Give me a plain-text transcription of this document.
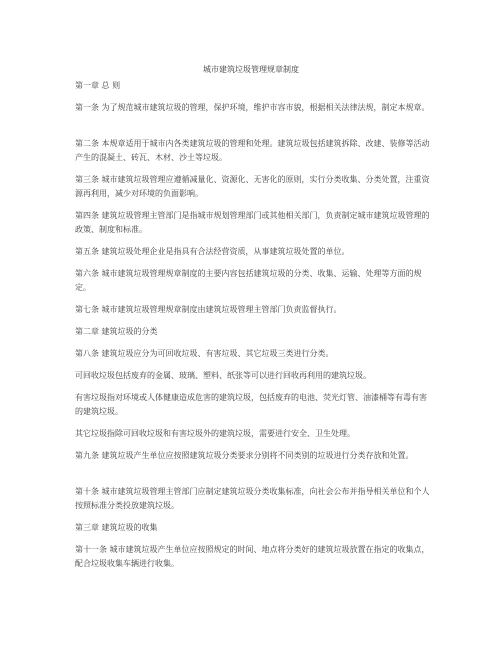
城市建筑垃圾管理规章制度

第一章 总 则

第一条 为了规范城市建筑垃圾的管理，保护环境，维护市容市貌，根据相关法律法规，制定本规章。

第二条 本规章适用于城市内各类建筑垃圾的管理和处理。建筑垃圾包括建筑拆除、改建、装修等活动产生的混凝土、砖瓦、木材、沙土等垃圾。

第三条 城市建筑垃圾管理应遵循减量化、资源化、无害化的原则，实行分类收集、分类处置，注重资源再利用，减少对环境的负面影响。

第四条 建筑垃圾管理主管部门是指城市规划管理部门或其他相关部门，负责制定城市建筑垃圾管理的政策、制度和标准。

第五条 建筑垃圾处理企业是指具有合法经营资质，从事建筑垃圾处置的单位。

第六条 城市建筑垃圾管理规章制度的主要内容包括建筑垃圾的分类、收集、运输、处理等方面的规定。

第七条 城市建筑垃圾管理规章制度由建筑垃圾管理主管部门负责监督执行。

第二章 建筑垃圾的分类

第八条 建筑垃圾应分为可回收垃圾、有害垃圾、其它垃圾三类进行分类。

可回收垃圾包括废弃的金属、玻璃、塑料、纸张等可以进行回收再利用的建筑垃圾。

有害垃圾指对环境或人体健康造成危害的建筑垃圾，包括废弃的电池、荧光灯管、油漆桶等有毒有害的建筑垃圾。

其它垃圾指除可回收垃圾和有害垃圾外的建筑垃圾，需要进行安全、卫生处理。

第九条 建筑垃圾产生单位应按照建筑垃圾分类要求分别将不同类别的垃圾进行分类存放和处置。

第十条 城市建筑垃圾管理主管部门应制定建筑垃圾分类收集标准，向社会公布并指导相关单位和个人按照标准分类投放建筑垃圾。

第三章 建筑垃圾的收集

第十一条 城市建筑垃圾产生单位应按照规定的时间、地点将分类好的建筑垃圾放置在指定的收集点，配合垃圾收集车辆进行收集。
